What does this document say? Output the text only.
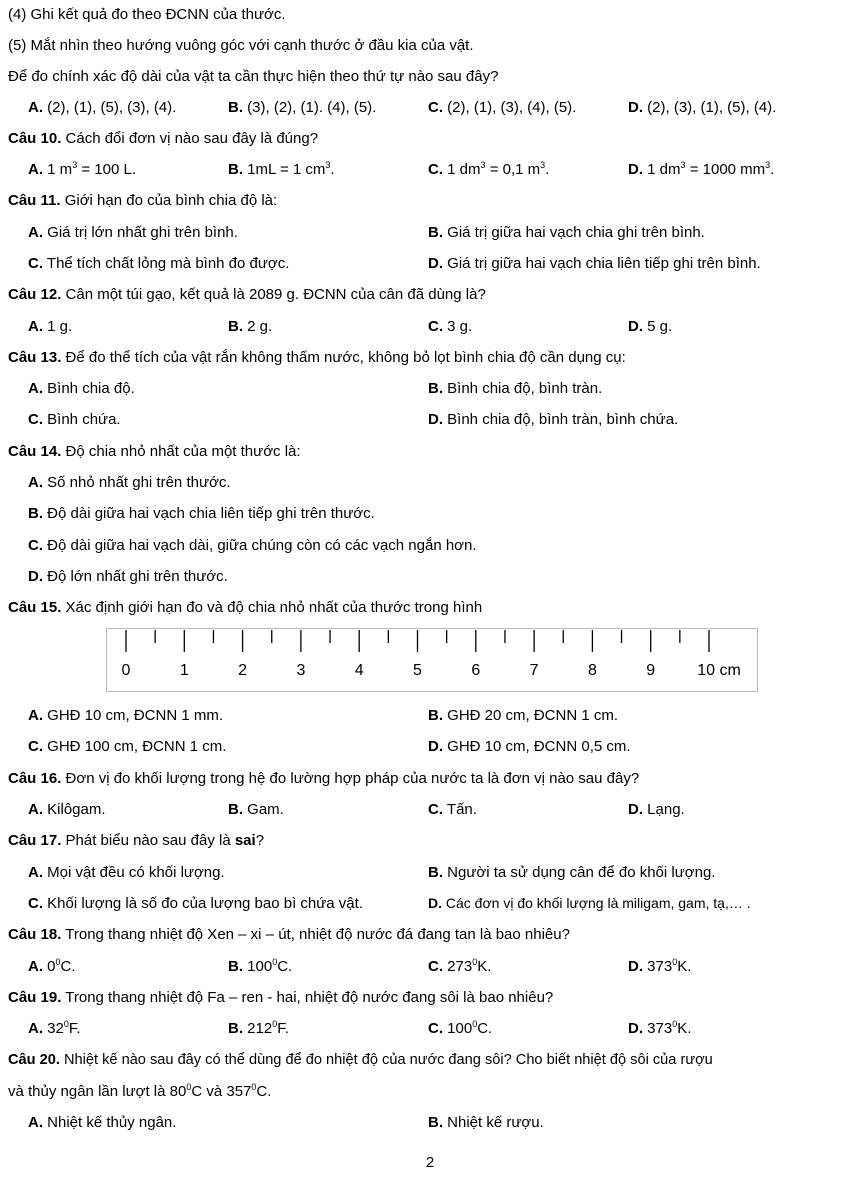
(4) Ghi kết quả đo theo ĐCNN của thước.
(5) Mắt nhìn theo hướng vuông góc với cạnh thước ở đầu kia của vật.
Để đo chính xác độ dài của vật ta cần thực hiện theo thứ tự nào sau đây?
A. (2), (1), (5), (3), (4).	B. (3), (2), (1). (4), (5).	C. (2), (1), (3), (4), (5).	D. (2), (3), (1), (5), (4).
Câu 10. Cách đổi đơn vị nào sau đây là đúng?
A. 1 $m^3 = 100$ L.	B. 1mL = 1 $cm^3$.	C. 1 $dm^3 = 0,1$ $m^3$.	D. 1 $dm^3 = 1000$ $mm^3$.
Câu 11. Giới hạn đo của bình chia độ là:
A. Giá trị lớn nhất ghi trên bình.	B. Giá trị giữa hai vạch chia ghi trên bình.
C. Thể tích chất lỏng mà bình đo được.	D. Giá trị giữa hai vạch chia liên tiếp ghi trên bình.
Câu 12. Cân một túi gạo, kết quả là 2089 g. ĐCNN của cân đã dùng là?
A. 1 g.	B. 2 g.	C. 3 g.	D. 5 g.
Câu 13. Để đo thể tích của vật rắn không thấm nước, không bỏ lọt bình chia độ cần dụng cụ:
A. Bình chia độ.	B. Bình chia độ, bình tràn.
C. Bình chứa.	D. Bình chia độ, bình tràn, bình chứa.
Câu 14. Độ chia nhỏ nhất của một thước là:
A. Số nhỏ nhất ghi trên thước.
B. Độ dài giữa hai vạch chia liên tiếp ghi trên thước.
C. Độ dài giữa hai vạch dài, giữa chúng còn có các vạch ngắn hơn.
D. Độ lớn nhất ghi trên thước.
Câu 15. Xác định giới hạn đo và độ chia nhỏ nhất của thước trong hình
0	1	2	3	4	5	6	7	8	9	10 cm
A. GHĐ 10 cm, ĐCNN 1 mm.	B. GHĐ 20 cm, ĐCNN 1 cm.
C. GHĐ 100 cm, ĐCNN 1 cm.	D. GHĐ 10 cm, ĐCNN 0,5 cm.
Câu 16. Đơn vị đo khối lượng trong hệ đo lường hợp pháp của nước ta là đơn vị nào sau đây?
A. Kilôgam.	B. Gam.	C. Tấn.	D. Lạng.
Câu 17. Phát biểu nào sau đây là sai?
A. Mọi vật đều có khối lượng.	B. Người ta sử dụng cân để đo khối lượng.
C. Khối lượng là số đo của lượng bao bì chứa vật.	D. Các đơn vị đo khối lượng là miligam, gam, tạ,… .
Câu 18. Trong thang nhiệt độ Xen – xi – út, nhiệt độ nước đá đang tan là bao nhiêu?
A. $0^0C$.	B. $100^0C$.	C. $273^0K$.	D. $373^0K$.
Câu 19. Trong thang nhiệt độ Fa – ren - hai, nhiệt độ nước đang sôi là bao nhiêu?
A. $32^0F$.	B. $212^0F$.	C. $100^0C$.	D. $373^0K$.
Câu 20. Nhiệt kế nào sau đây có thể dùng để đo nhiệt độ của nước đang sôi? Cho biết nhiệt độ sôi của rượu
và thủy ngân lần lượt là $80^0C$ và $357^0C$.
A. Nhiệt kế thủy ngân.	B. Nhiệt kế rượu.
2
